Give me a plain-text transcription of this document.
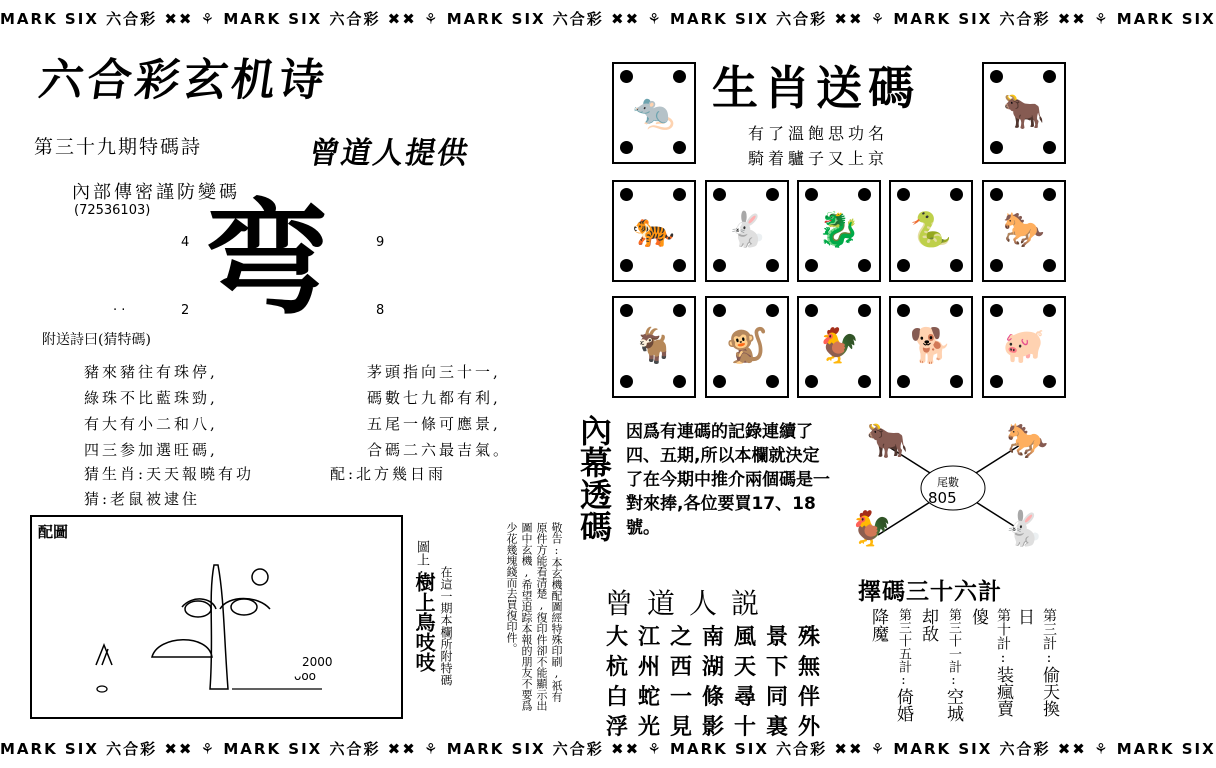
MARK SIX 六合彩 ✖✖ ⚘ MARK SIX 六合彩 ✖✖ ⚘ MARK SIX 六合彩 ✖✖ ⚘ MARK SIX 六合彩 ✖✖ ⚘ MARK SIX 六合彩 ✖✖ ⚘ MARK SIX
MARK SIX 六合彩 ✖✖ ⚘ MARK SIX 六合彩 ✖✖ ⚘ MARK SIX 六合彩 ✖✖ ⚘ MARK SIX 六合彩 ✖✖ ⚘ MARK SIX 六合彩 ✖✖ ⚘ MARK SIX
六合彩玄机诗
第三十九期特碼詩	曾道人提供
內部傳密謹防變碼
(72536103) 弯
4	9
· ·	2	8
附送詩曰(猜特碼)
豬來豬往有珠停,
綠珠不比藍珠勁,
有大有小二和八,
四三参加選旺碼,
茅頭指向三十一,
碼數七九都有利,
五尾一條可應景,
合碼二六最吉氣。
猜生肖:天天報曉有功	配:北方幾日雨
猜:老鼠被逮住
配圖
2000
ᴗoo
圖上:
樹上鳥吱吱 在這一期本欄所附特碼	敬告:本玄機配圖經特殊印刷,祇有原件方能看清楚,復印件卻不能顯示出圖中玄機,希望追踪本報的朋友不要爲少花幾塊錢而去買復印件。
生肖送碼
有了溫飽思功名
騎着驢子又上京
🐀	🐂
🐅	🐇	🐉	🐍	🐎
🐐	🐒	🐓	🐕	🐖
內幕透碼 因爲有連碼的記錄連續了四、五期,所以本欄就決定了在今期中推介兩個碼是一對來捧,各位要買17、18號。
🐂	🐎
🐓	🐇
尾數
805
曾道人説
大江之南風景殊
杭州西湖天下無
白蛇一條尋同伴
浮光見影十裏外
擇碼三十六計
第三計:偷天換日
第十計:装瘋賣傻
第三十一計:空城却敌
第三十五計:倚婚降魔
